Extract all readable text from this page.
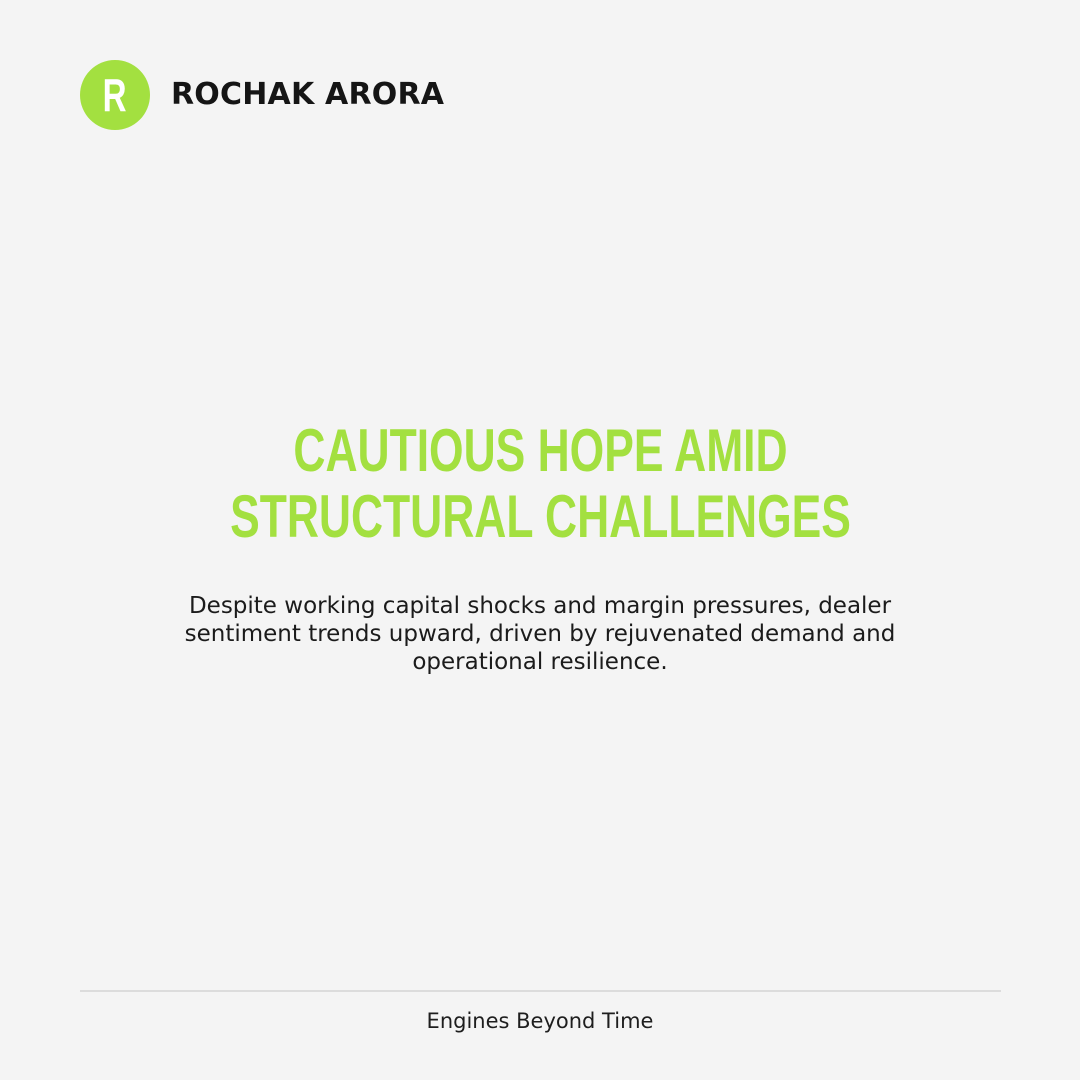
R ROCHAK ARORA
CAUTIOUS HOPE AMID STRUCTURAL CHALLENGES

Despite working capital shocks and margin pressures, dealer sentiment trends upward, driven by rejuvenated demand and operational resilience.

Engines Beyond Time
